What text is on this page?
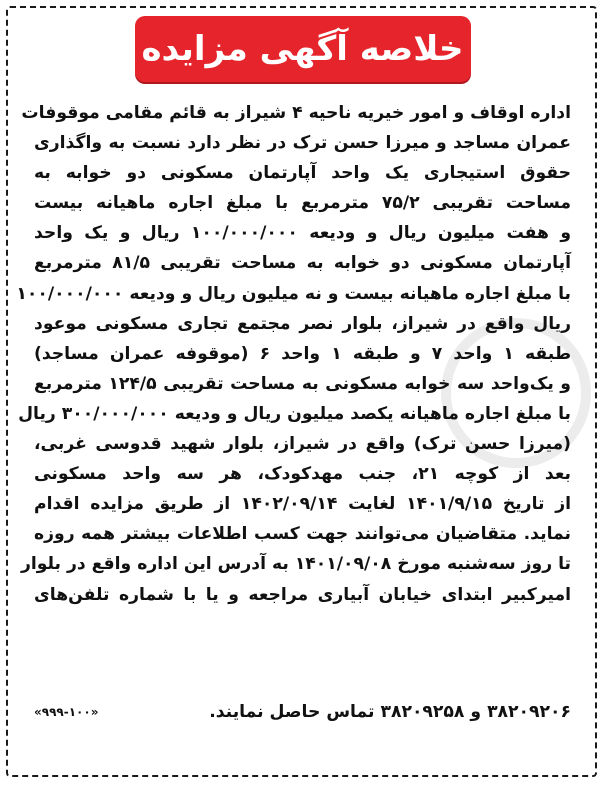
خلاصه آگهی مزایده
اداره اوقاف و امور خیریه ناحیه ۴ شیراز به قائم مقامی موقوفات
عمران مساجد و میرزا حسن ترک در نظر دارد نسبت به واگذاری
حقوق استیجاری یک واحد آپارتمان مسکونی دو خوابه به
مساحت تقریبی ۷۵/۲ مترمربع با مبلغ اجاره ماهیانه بیست
و هفت میلیون ریال و ودیعه ۱۰۰/۰۰۰/۰۰۰ ریال و یک واحد
آپارتمان مسکونی دو خوابه به مساحت تقریبی ۸۱/۵ مترمربع
با مبلغ اجاره ماهیانه بیست و نه میلیون ریال و ودیعه ۱۰۰/۰۰۰/۰۰۰
ریال واقع در شیراز، بلوار نصر مجتمع تجاری مسکونی موعود
طبقه ۱ واحد ۷ و طبقه ۱ واحد ۶ (موقوفه عمران مساجد)
و یک‌واحد سه خوابه مسکونی به مساحت تقریبی ۱۲۴/۵ مترمربع
با مبلغ اجاره ماهیانه یکصد میلیون ریال و ودیعه ۳۰۰/۰۰۰/۰۰۰ ریال
(میرزا حسن ترک) واقع در شیراز، بلوار شهید قدوسی غربی،
بعد از کوچه ۲۱، جنب مهدکودک، هر سه واحد مسکونی
از تاریخ ۱۴۰۱/۹/۱۵ لغایت ۱۴۰۲/۰۹/۱۴ از طریق مزایده اقدام
نماید. متقاضیان می‌توانند جهت کسب اطلاعات بیشتر همه روزه
تا روز سه‌شنبه مورخ ۱۴۰۱/۰۹/۰۸ به آدرس این اداره واقع در بلوار
امیرکبیر ابتدای خیابان آبیاری مراجعه و یا با شماره تلفن‌های
۳۸۲۰۹۲۰۶ و ۳۸۲۰۹۲۵۸ تماس حاصل نمایند.
«۹۹۹-۱۰۰»
